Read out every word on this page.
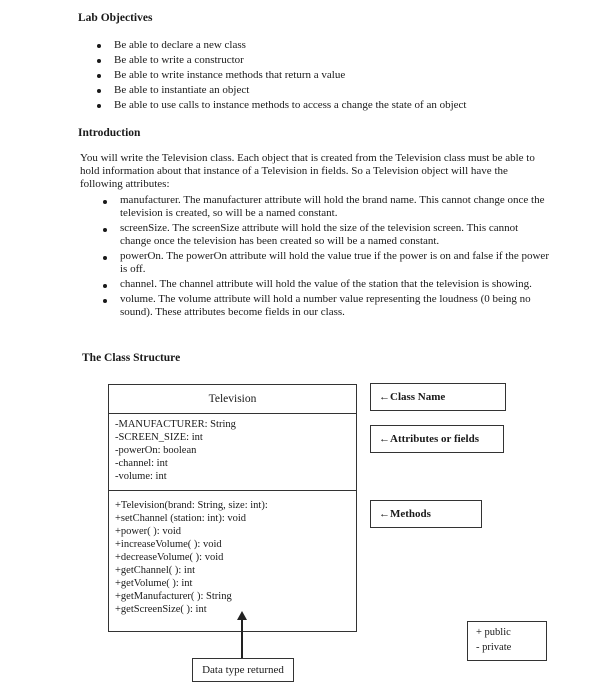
Lab Objectives
Be able to declare a new class
Be able to write a constructor
Be able to write instance methods that return a value
Be able to instantiate an object
Be able to use calls to instance methods to access a change the state of an object
Introduction

You will write the Television class. Each object that is created from the Television class must be able to hold information about that instance of a Television in fields. So a Television object will have the following attributes:

manufacturer. The manufacturer attribute will hold the brand name. This cannot change once the television is created, so will be a named constant.
screenSize. The screenSize attribute will hold the size of the television screen. This cannot change once the television has been created so will be a named constant.
powerOn. The powerOn attribute will hold the value true if the power is on and false if the power is off.
channel. The channel attribute will hold the value of the station that the television is showing.
volume. The volume attribute will hold a number value representing the loudness (0 being no sound). These attributes become fields in our class.
The Class Structure
Television
-MANUFACTURER: String
-SCREEN_SIZE: int
-powerOn: boolean
-channel: int
-volume: int
+Television(brand: String, size: int):
+setChannel (station: int): void
+power( ): void
+increaseVolume( ): void
+decreaseVolume( ): void
+getChannel( ): int
+getVolume( ): int
+getManufacturer( ): String
+getScreenSize( ): int
←Class Name
←Attributes or fields
←Methods
+ public
- private
Data type returned
